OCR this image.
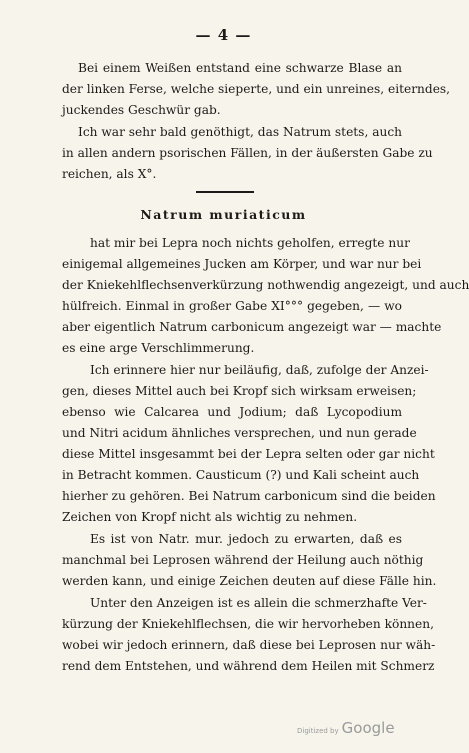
— 4 —
Bei einem Weißen entstand eine schwarze Blase an
der linken Ferse, welche sieperte, und ein unreines, eiterndes,
juckendes Geschwür gab.
Ich war sehr bald genöthigt, das Natrum stets, auch
in allen andern psorischen Fällen, in der äußersten Gabe zu
reichen, als X°.
Natrum muriaticum
hat mir bei Lepra noch nichts geholfen, erregte nur
einigemal allgemeines Jucken am Körper, und war nur bei
der Kniekehlflechsenverkürzung nothwendig angezeigt, und auch
hülfreich. Einmal in großer Gabe XI°°° gegeben, — wo
aber eigentlich Natrum carbonicum angezeigt war — machte
es eine arge Verschlimmerung.
Ich erinnere hier nur beiläufig, daß, zufolge der Anzei-
gen, dieses Mittel auch bei Kropf sich wirksam erweisen;
ebenso wie Calcarea und Jodium; daß Lycopodium
und Nitri acidum ähnliches versprechen, und nun gerade
diese Mittel insgesammt bei der Lepra selten oder gar nicht
in Betracht kommen. Causticum (?) und Kali scheint auch
hierher zu gehören. Bei Natrum carbonicum sind die beiden
Zeichen von Kropf nicht als wichtig zu nehmen.
Es ist von Natr. mur. jedoch zu erwarten, daß es
manchmal bei Leprosen während der Heilung auch nöthig
werden kann, und einige Zeichen deuten auf diese Fälle hin.
Unter den Anzeigen ist es allein die schmerzhafte Ver-
kürzung der Kniekehlflechsen, die wir hervorheben können,
wobei wir jedoch erinnern, daß diese bei Leprosen nur wäh-
rend dem Entstehen, und während dem Heilen mit Schmerz
Digitized by Google
